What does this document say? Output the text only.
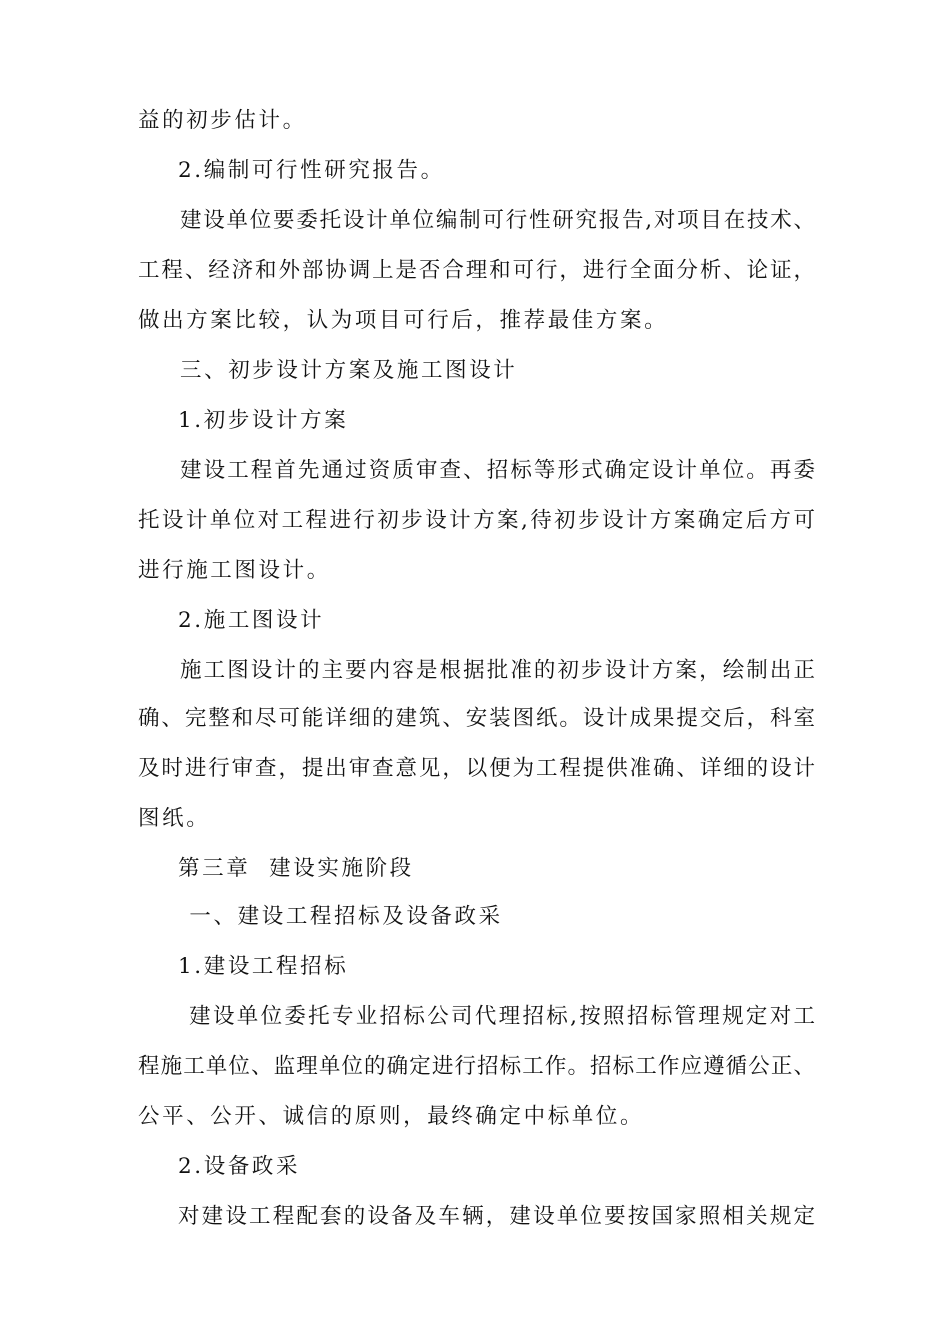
益的初步估计。
2.编制可行性研究报告。
建设单位要委托设计单位编制可行性研究报告,对项目在技术、
工程、经济和外部协调上是否合理和可行，进行全面分析、论证，
做出方案比较，认为项目可行后，推荐最佳方案。
三、初步设计方案及施工图设计
1.初步设计方案
建设工程首先通过资质审查、招标等形式确定设计单位。再委
托设计单位对工程进行初步设计方案,待初步设计方案确定后方可
进行施工图设计。
2.施工图设计
施工图设计的主要内容是根据批准的初步设计方案，绘制出正
确、完整和尽可能详细的建筑、安装图纸。设计成果提交后，科室
及时进行审查，提出审查意见，以便为工程提供准确、详细的设计
图纸。
第三章  建设实施阶段
一、建设工程招标及设备政采
1.建设工程招标
建设单位委托专业招标公司代理招标,按照招标管理规定对工
程施工单位、监理单位的确定进行招标工作。招标工作应遵循公正、
公平、公开、诚信的原则，最终确定中标单位。
2.设备政采
对建设工程配套的设备及车辆，建设单位要按国家照相关规定
